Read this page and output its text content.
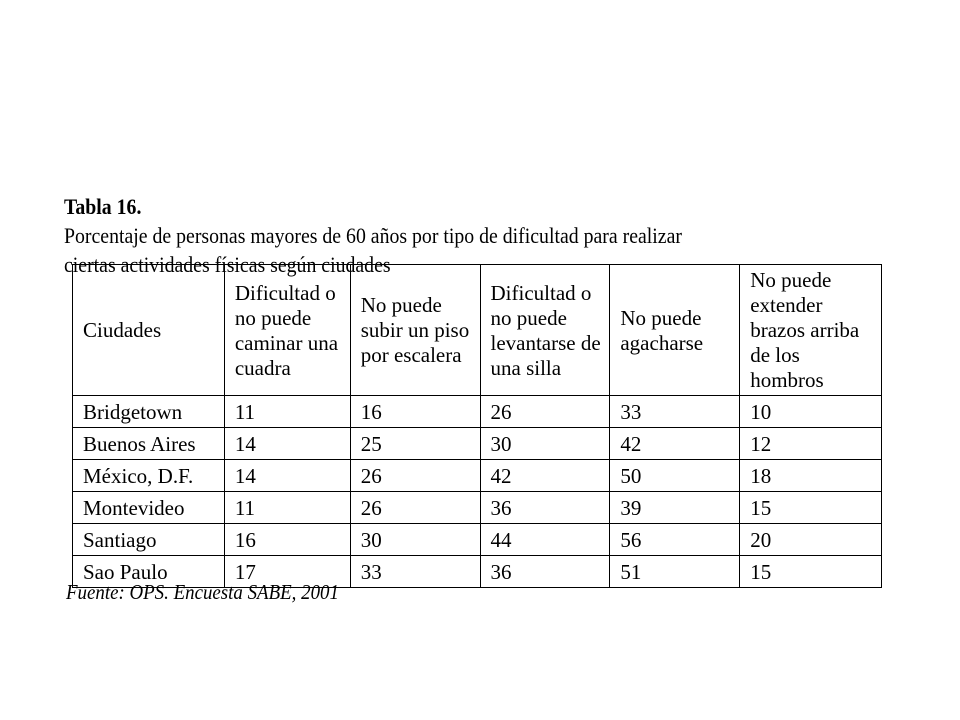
Tabla 16.Porcentaje de personas mayores de 60 años por tipo de dificultad para realizar
ciertas actividades físicas según ciudades
Ciudades	Dificultad o no puede caminar una cuadra	No puede subir un piso por escalera	Dificultad o no puede levantarse de una silla	No puede agacharse	No puede extender brazos arriba de los hombros
Bridgetown	11	16	26	33	10
Buenos Aires	14	25	30	42	12
México, D.F.	14	26	42	50	18
Montevideo	11	26	36	39	15
Santiago	16	30	44	56	20
Sao Paulo	17	33	36	51	15
Fuente: OPS. Encuesta SABE, 2001
